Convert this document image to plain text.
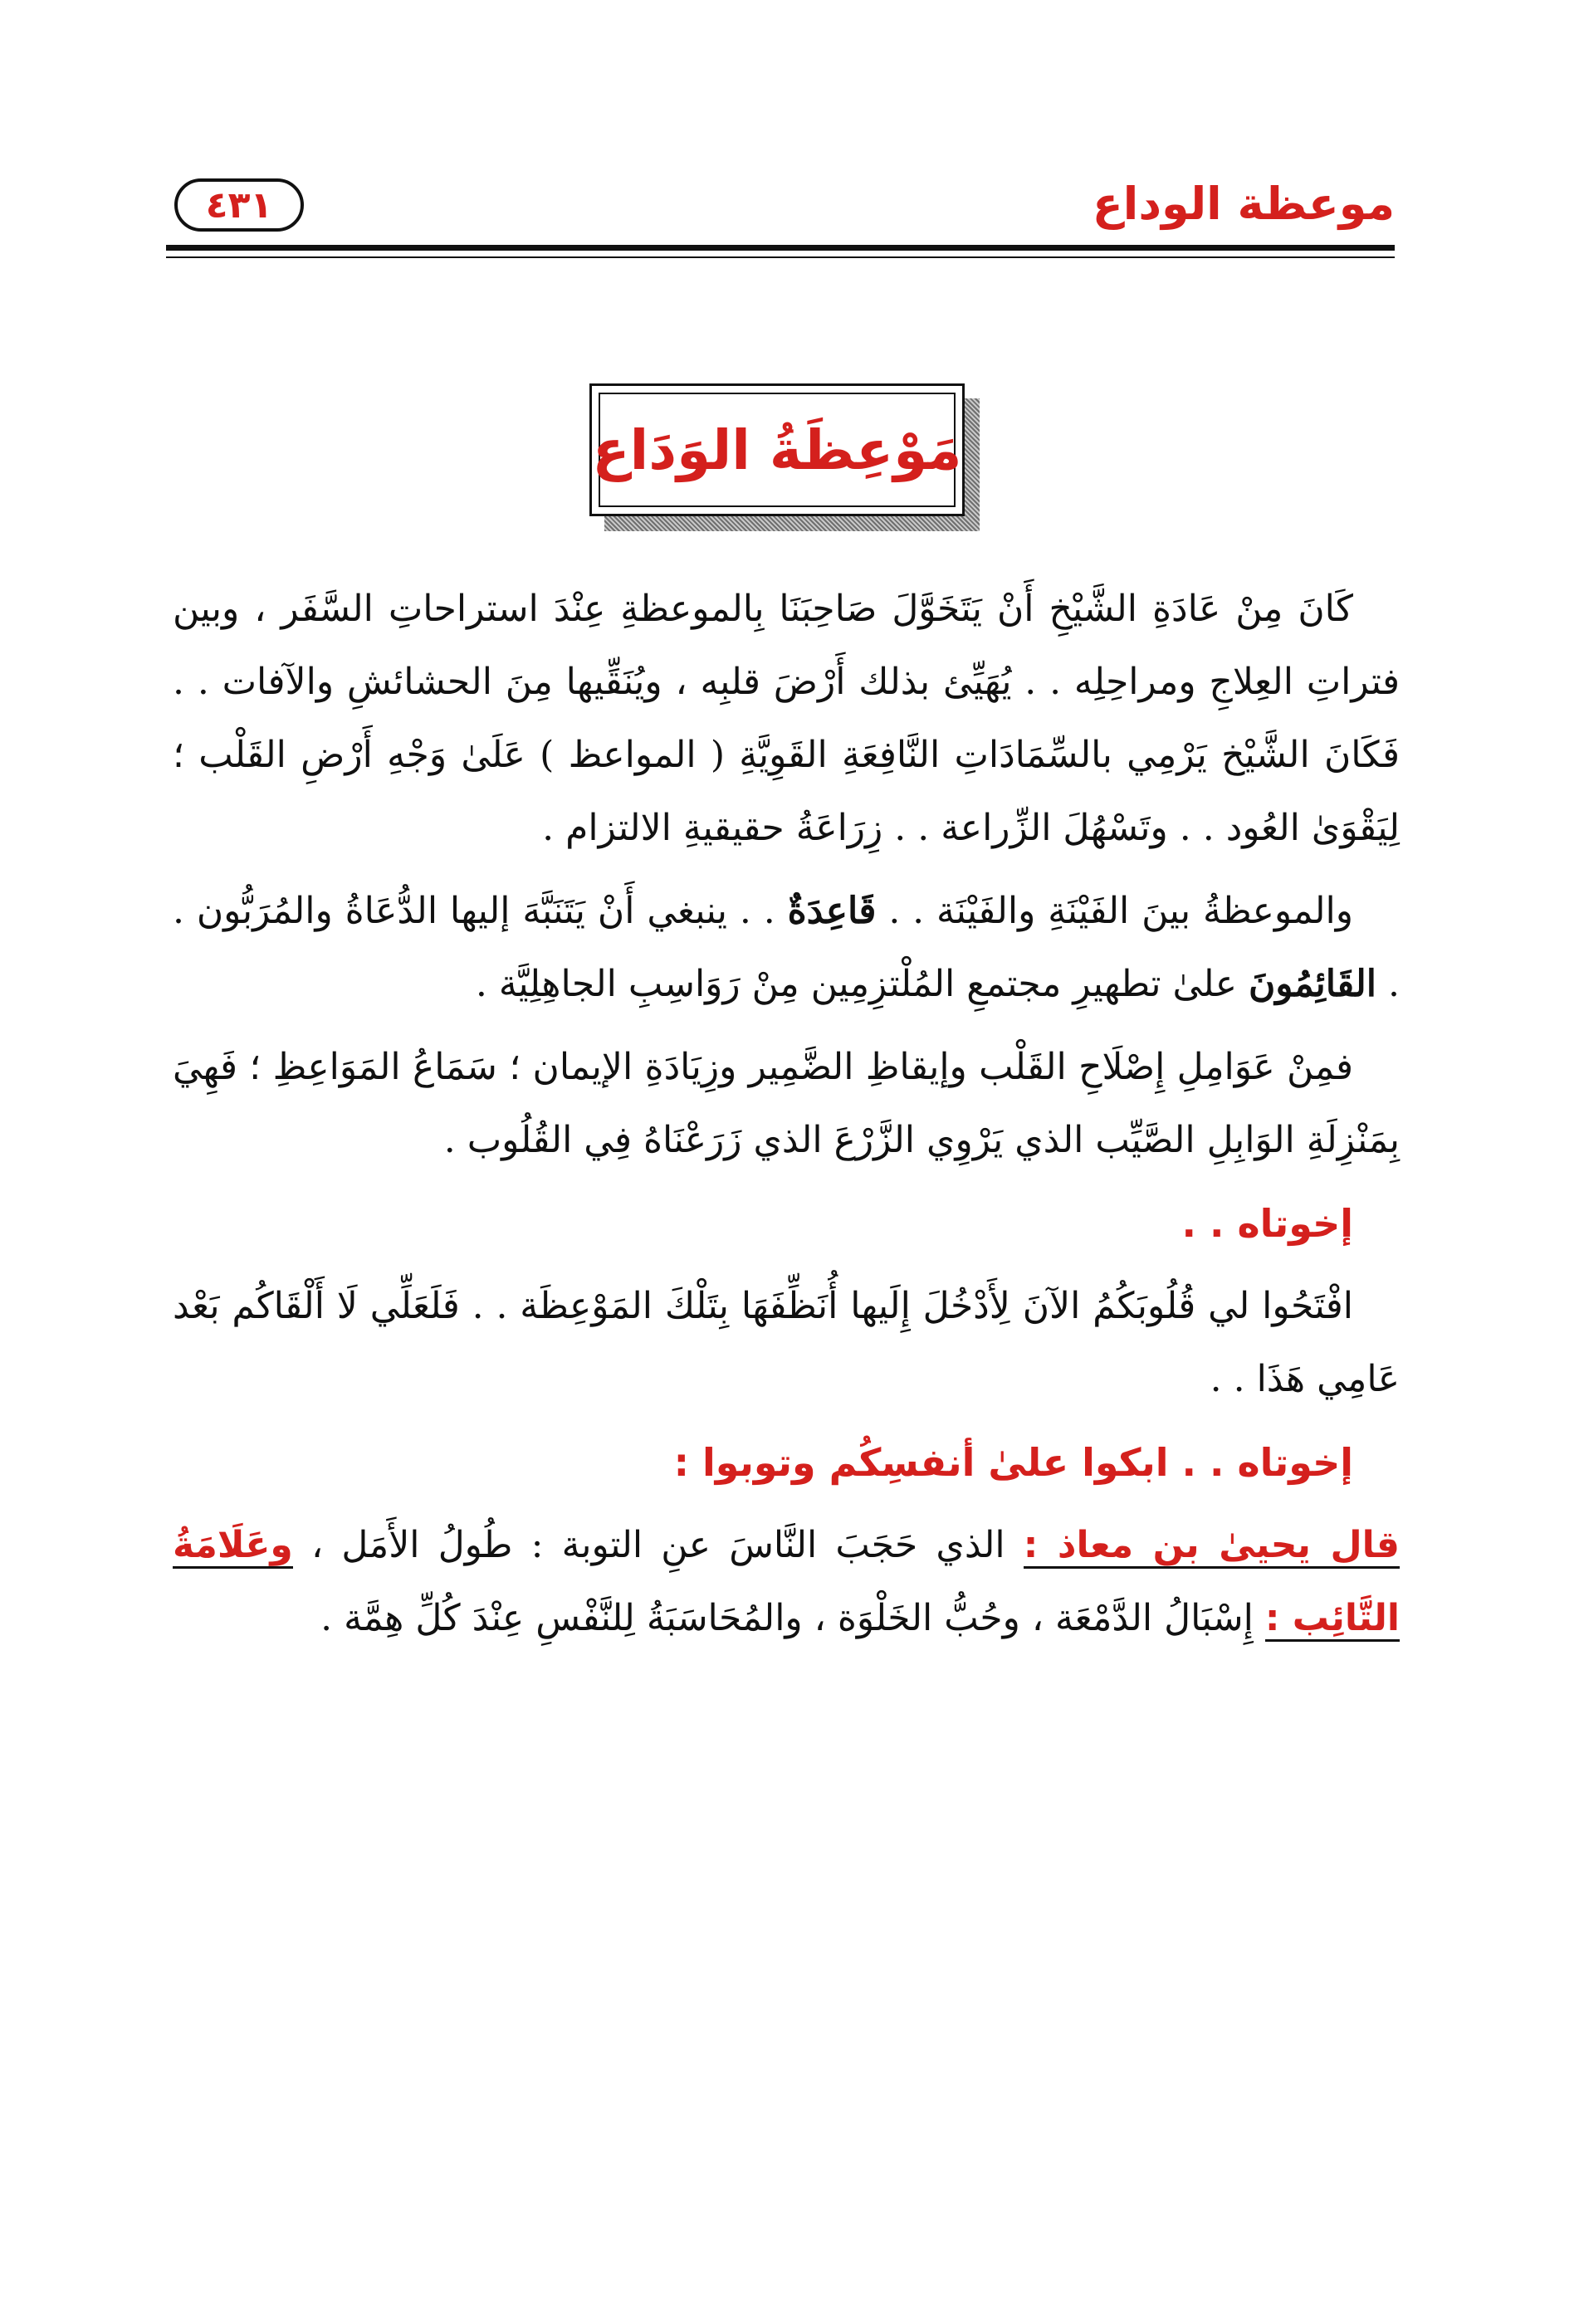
موعظة الوداع
٤٣١
مَوْعِظَةُ الوَدَاع

كَانَ مِنْ عَادَةِ الشَّيْخِ أَنْ يَتَخَوَّلَ صَاحِبَنَا بِالموعظةِ عِنْدَ استراحاتِ السَّفَر ، وبين فتراتِ العِلاجِ ومراحِلِه . . يُهَيِّئ بذلك أَرْضَ قلبِه ، ويُنَقِّيها مِنَ الحشائشِ والآفات . . فَكَانَ الشَّيْخ يَرْمِي بالسِّمَادَاتِ النَّافِعَةِ القَوِيَّةِ ( المواعظ ) عَلَىٰ وَجْهِ أَرْضِ القَلْب ؛ لِيَقْوَىٰ العُود . . وتَسْهُلَ الزِّراعة . . زِرَاعَةُ حقيقيةِ الالتزام .

والموعظةُ بينَ الفَيْنَةِ والفَيْنَة . . قَاعِدَةٌ . . ينبغي أَنْ يَتَنَبَّهَ إليها الدُّعَاةُ والمُرَبُّون . . القَائِمُونَ علىٰ تطهيرِ مجتمعِ المُلْتزِمِين مِنْ رَوَاسِبِ الجاهِلِيَّة .

فمِنْ عَوَامِلِ إِصْلَاحِ القَلْب وإيقاظِ الضَّمِير وزِيَادَةِ الإيمان ؛ سَمَاعُ المَوَاعِظِ ؛ فَهِيَ بِمَنْزِلَةِ الوَابِلِ الصَّيِّب الذي يَرْوِي الزَّرْعَ الذي زَرَعْنَاهُ فِي القُلُوب .

إخوتاه . .

افْتَحُوا لي قُلُوبَكُمُ الآنَ لِأَدْخُلَ إِلَيها أُنَظِّفَهَا بِتَلْكَ المَوْعِظَة . . فَلَعَلِّي لَا أَلْقَاكُم بَعْد عَامِي هَذَا . .

إخوتاه . . ابكوا علىٰ أنفسِكُم وتوبوا :

قال يحيىٰ بن معاذ : الذي حَجَبَ النَّاسَ عنِ التوبة : طُولُ الأَمَل ، وعَلَامَةُ التَّائِب : إِسْبَالُ الدَّمْعَة ، وحُبُّ الخَلْوَة ، والمُحَاسَبَةُ لِلنَّفْسِ عِنْدَ كُلِّ هِمَّة .
